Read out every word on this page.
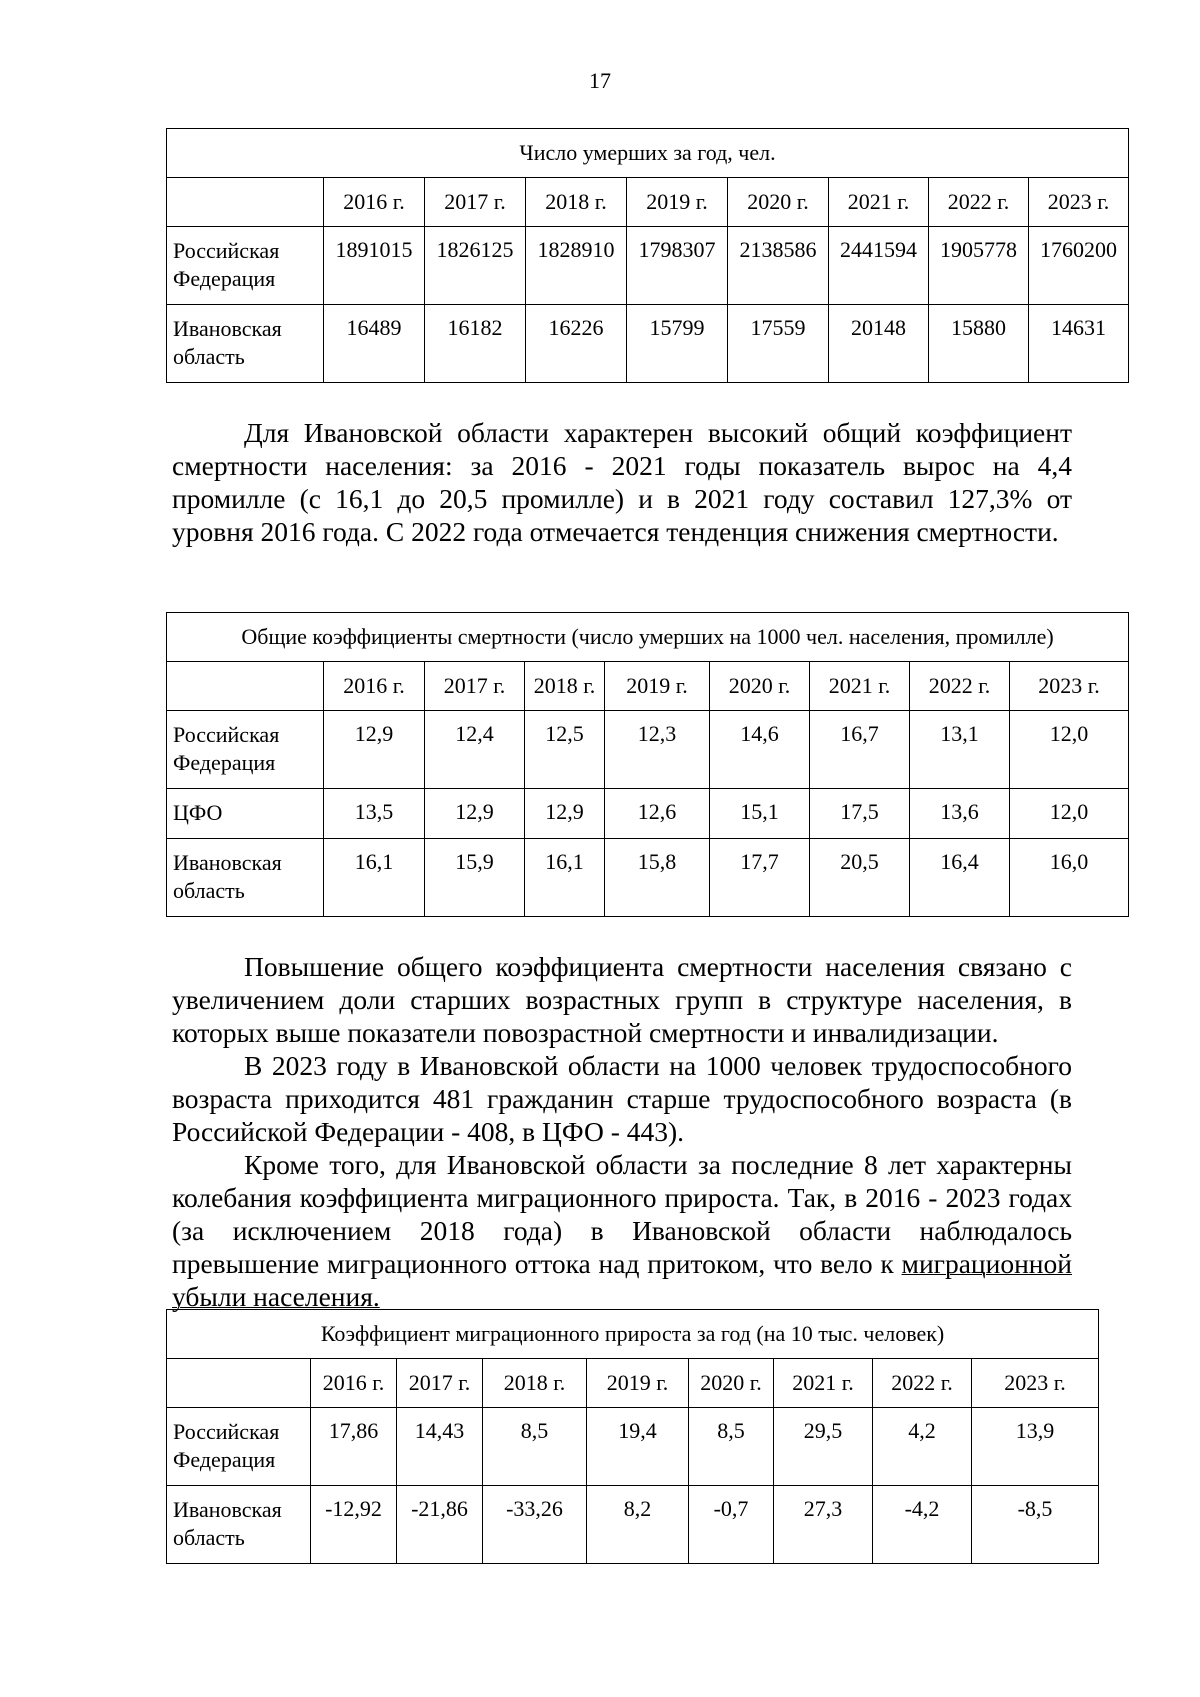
17
Число умерших за год, чел.								
	2016 г.	2017 г.	2018 г.	2019 г.	2020 г.	2021 г.	2022 г.	2023 г.
Российская Федерация	1891015	1826125	1828910	1798307	2138586	2441594	1905778	1760200
Ивановская область	16489	16182	16226	15799	17559	20148	15880	14631

Для Ивановской области характерен высокий общий коэффициент смертности населения: за 2016 - 2021 годы показатель вырос на 4,4 промилле (с 16,1 до 20,5 промилле) и в 2021 году составил 127,3% от уровня 2016 года. С 2022 года отмечается тенденция снижения смертности.

Общие коэффициенты смертности (число умерших на 1000 чел. населения, промилле)								
	2016 г.	2017 г.	2018 г.	2019 г.	2020 г.	2021 г.	2022 г.	2023 г.
Российская Федерация	12,9	12,4	12,5	12,3	14,6	16,7	13,1	12,0
ЦФО	13,5	12,9	12,9	12,6	15,1	17,5	13,6	12,0
Ивановская область	16,1	15,9	16,1	15,8	17,7	20,5	16,4	16,0

Повышение общего коэффициента смертности населения связано с увеличением доли старших возрастных групп в структуре населения, в которых выше показатели повозрастной смертности и инвалидизации.

В 2023 году в Ивановской области на 1000 человек трудоспособного возраста приходится 481 гражданин старше трудоспособного возраста (в Российской Федерации - 408, в ЦФО - 443).

Кроме того, для Ивановской области за последние 8 лет характерны колебания коэффициента миграционного прироста. Так, в 2016 - 2023 годах (за исключением 2018 года) в Ивановской области наблюдалось превышение миграционного оттока над притоком, что вело к миграционной убыли населения.

Коэффициент миграционного прироста за год (на 10 тыс. человек)								
	2016 г.	2017 г.	2018 г.	2019 г.	2020 г.	2021 г.	2022 г.	2023 г.
Российская Федерация	17,86	14,43	8,5	19,4	8,5	29,5	4,2	13,9
Ивановская область	-12,92	-21,86	-33,26	8,2	-0,7	27,3	-4,2	-8,5
